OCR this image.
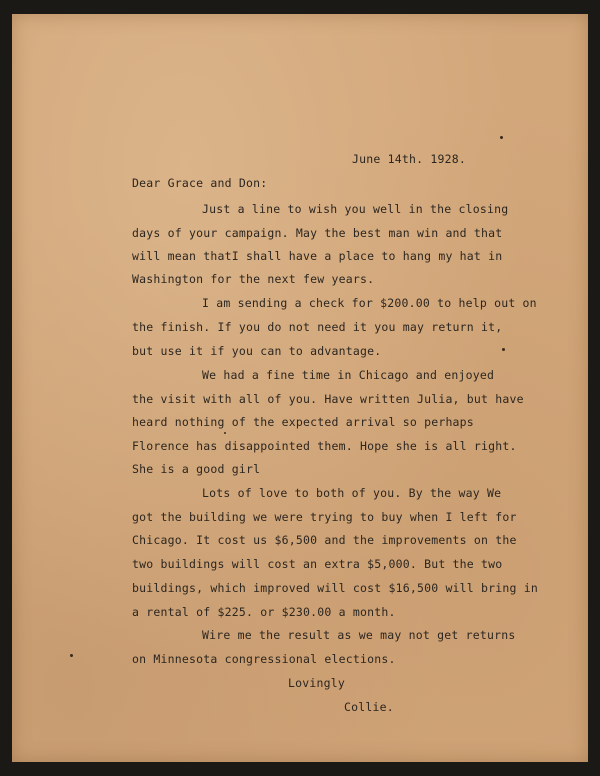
June 14th. 1928.

Dear Grace and Don:

Just a line to wish you well in the closing

days of your campaign. May the best man win and that

will mean thatI shall have a place to hang my hat in

Washington for the next few years.

I am sending a check for $200.00 to help out on

the finish. If you do not need it you may return it,

but use it if you can to advantage.

We had a fine time in Chicago and enjoyed

the visit with all of you. Have written Julia, but have

heard nothing of the expected arrival so perhaps

Florence has disappointed them. Hope she is all right.

She is a good girl

Lots of love to both of you. By the way We

got the building we were trying to buy when I left for

Chicago. It cost us $6,500 and the improvements on the

two buildings will cost an extra $5,000. But the two

buildings, which improved will cost $16,500 will bring in

a rental of $225. or $230.00 a month.

Wire me the result as we may not get returns

on Minnesota congressional elections.

Lovingly

Collie.
